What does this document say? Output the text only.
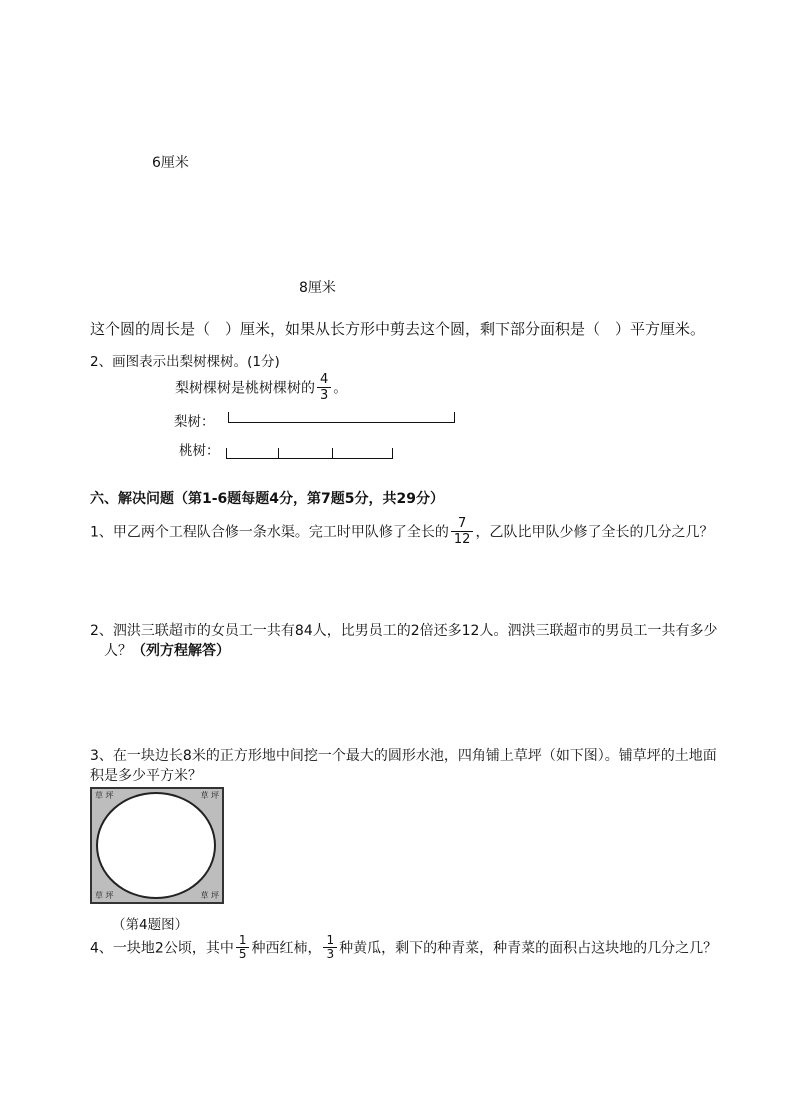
6厘米
8厘米
这个圆的周长是（　）厘米，如果从长方形中剪去这个圆，剩下部分面积是（　）平方厘米。
2、画图表示出梨树棵树。(1分)
梨树棵树是桃树棵树的 $\frac{4}{3}$ 。
梨树：
桃树：
六、解决问题（第1-6题每题4分，第7题5分，共29分）
1、甲乙两个工程队合修一条水渠。完工时甲队修了全长的 $\frac{7}{12}$ ，乙队比甲队少修了全长的几分之几？
2、泗洪三联超市的女员工一共有84人，比男员工的2倍还多12人。泗洪三联超市的男员工一共有多少
人？（列方程解答）
3、在一块边长8米的正方形地中间挖一个最大的圆形水池，四角铺上草坪（如下图）。铺草坪的土地面
积是多少平方米？
草 坪	草 坪
草 坪	草 坪
（第4题图）
4、一块地2公顷，其中 $\frac{1}{5}$ 种西红柿， $\frac{1}{3}$ 种黄瓜，剩下的种青菜，种青菜的面积占这块地的几分之几？
